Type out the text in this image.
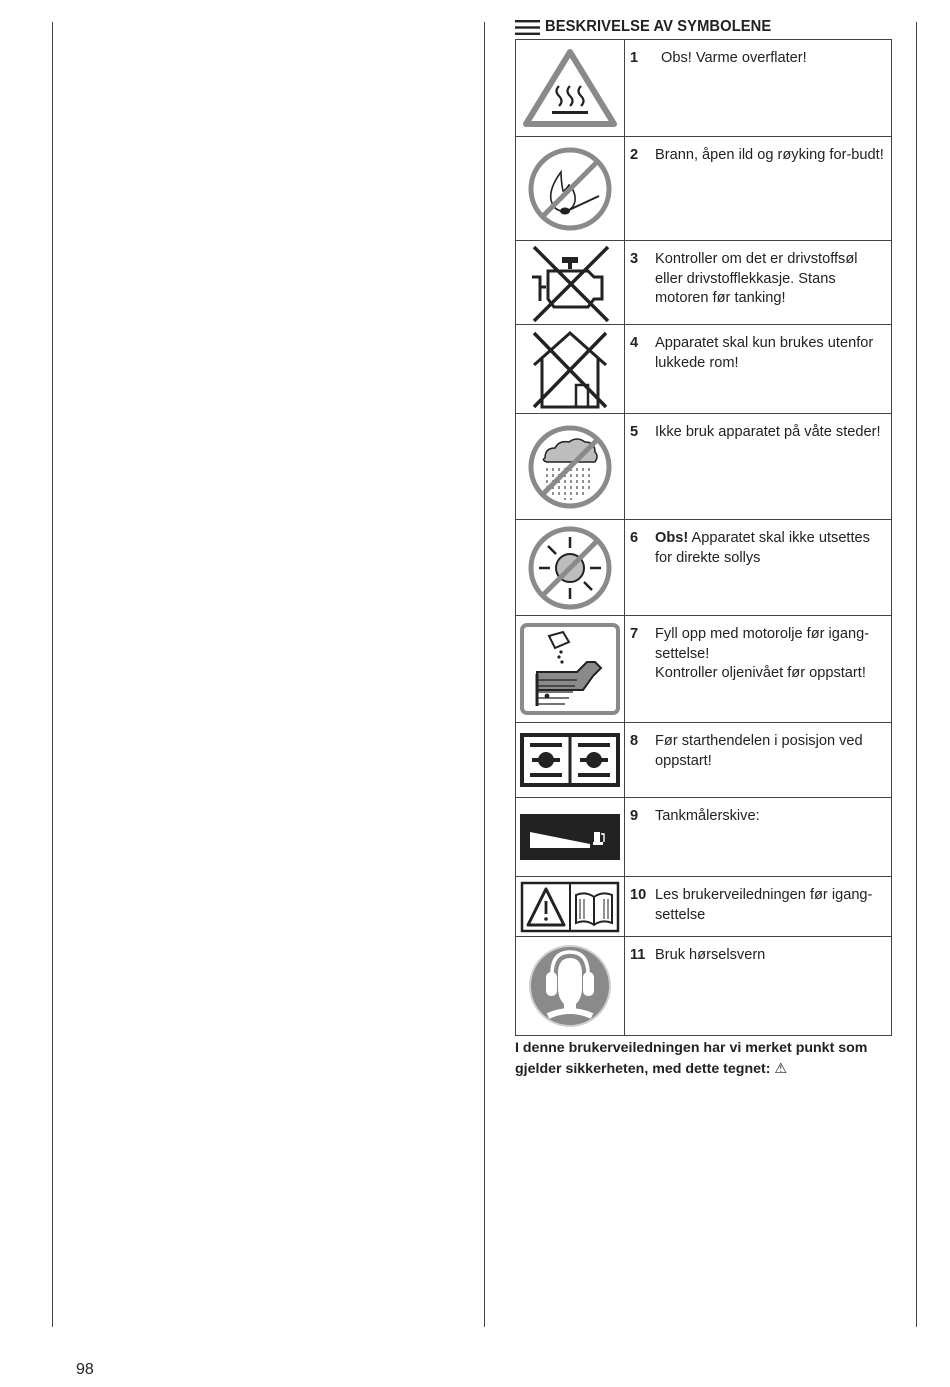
BESKRIVELSE AV SYMBOLENE

1 Obs! Varme overflater!

2 Brann, åpen ild og røyking for-budt!

3 Kontroller om det er drivstoffsøl eller drivstofflekkasje. Stans motoren før tanking!

4 Apparatet skal kun brukes utenfor lukkede rom!

5 Ikke bruk apparatet på våte steder!

6 Obs! Apparatet skal ikke utsettes for direkte sollys

7 Fyll opp med motorolje før igang-settelse!
Kontroller oljenivået før oppstart!

8 Før starthendelen i posisjon ved oppstart!

9 Tankmålerskive:

10 Les brukerveiledningen før igang-settelse

11 Bruk hørselsvern
I denne brukerveiledningen har vi merket punkt som gjelder sikkerheten, med dette tegnet: ⚠
98
